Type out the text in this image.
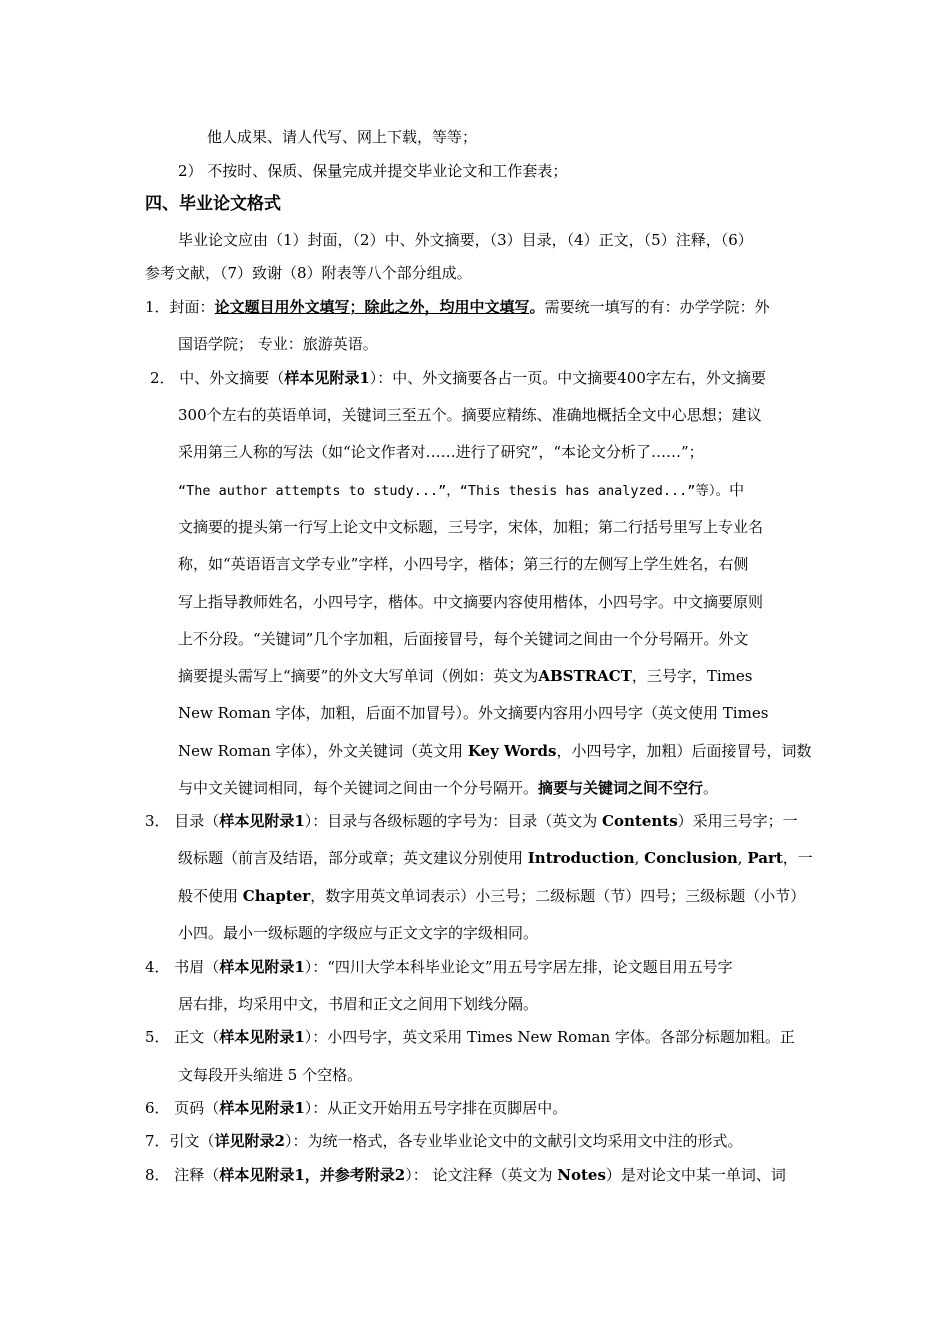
他人成果、请人代写、网上下载，等等；
2） 不按时、保质、保量完成并提交毕业论文和工作套表；
四、毕业论文格式
毕业论文应由（1）封面，（2）中、外文摘要，（3）目录，（4）正文，（5）注释，（6）
参考文献，（7）致谢（8）附表等八个部分组成。
1．封面：论文题目用外文填写；除此之外，均用中文填写。需要统一填写的有：办学学院：外
国语学院； 专业：旅游英语。
2． 中、外文摘要（样本见附录1）：中、外文摘要各占一页。中文摘要400字左右，外文摘要
300个左右的英语单词，关键词三至五个。摘要应精练、准确地概括全文中心思想；建议
采用第三人称的写法（如“论文作者对……进行了研究”，“本论文分析了……”；
“The author attempts to study...”，“This thesis has analyzed...”等）。中
文摘要的提头第一行写上论文中文标题，三号字，宋体，加粗；第二行括号里写上专业名
称，如“英语语言文学专业”字样，小四号字，楷体；第三行的左侧写上学生姓名，右侧
写上指导教师姓名，小四号字，楷体。中文摘要内容使用楷体，小四号字。中文摘要原则
上不分段。“关键词”几个字加粗，后面接冒号，每个关键词之间由一个分号隔开。外文
摘要提头需写上“摘要”的外文大写单词（例如：英文为ABSTRACT，三号字，Times
New Roman 字体，加粗，后面不加冒号）。外文摘要内容用小四号字（英文使用 Times
New Roman 字体），外文关键词（英文用 Key Words，小四号字，加粗）后面接冒号，词数
与中文关键词相同，每个关键词之间由一个分号隔开。摘要与关键词之间不空行。
3． 目录（样本见附录1）：目录与各级标题的字号为：目录（英文为 Contents）采用三号字；一
级标题（前言及结语，部分或章；英文建议分别使用 Introduction, Conclusion, Part，一
般不使用 Chapter，数字用英文单词表示）小三号；二级标题（节）四号；三级标题（小节）
小四。最小一级标题的字级应与正文文字的字级相同。
4． 书眉（样本见附录1）：“四川大学本科毕业论文”用五号字居左排，论文题目用五号字
居右排，均采用中文，书眉和正文之间用下划线分隔。
5． 正文（样本见附录1）：小四号字，英文采用 Times New Roman 字体。各部分标题加粗。正
文每段开头缩进 5 个空格。
6． 页码（样本见附录1）：从正文开始用五号字排在页脚居中。
7．引文（详见附录2）：为统一格式，各专业毕业论文中的文献引文均采用文中注的形式。
8． 注释（样本见附录1，并参考附录2）： 论文注释（英文为 Notes）是对论文中某一单词、词
